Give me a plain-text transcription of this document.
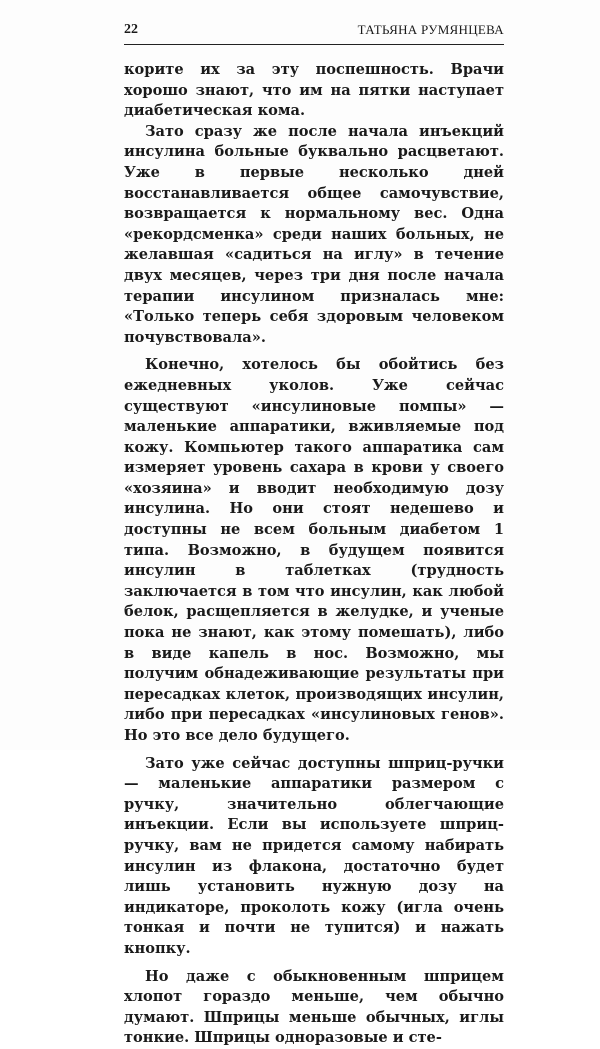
22	ТАТЬЯНА РУМЯНЦЕВА

корите их за эту поспешность. Врачи хорошо знают, что им на пятки наступает диабетическая кома.

Зато сразу же после начала инъекций инсулина больные буквально расцветают. Уже в первые несколько дней восстанавливается общее самочувствие, возвращается к нормальному вес. Одна «рекордсменка» среди наших больных, не желавшая «садиться на иглу» в течение двух месяцев, через три дня после начала терапии инсулином призналась мне: «Только теперь себя здоровым человеком почувствовала».

Конечно, хотелось бы обойтись без ежедневных уколов. Уже сейчас существуют «инсулиновые помпы» — маленькие аппаратики, вживляемые под кожу. Компьютер такого аппаратика сам измеряет уровень сахара в крови у своего «хозяина» и вводит необходимую дозу инсулина. Но они стоят недешево и доступны не всем больным диабетом 1 типа. Возможно, в будущем появится инсулин в таблетках (трудность заключается в том что инсулин, как любой белок, расщепляется в желудке, и ученые пока не знают, как этому помешать), либо в виде капель в нос. Возможно, мы получим обнадеживающие результаты при пересадках клеток, производящих инсулин, либо при пересадках «инсулиновых генов». Но это все дело будущего.

Зато уже сейчас доступны шприц-ручки — маленькие аппаратики размером с ручку, значительно облегчающие инъекции. Если вы используете шприц-ручку, вам не придется самому набирать инсулин из флакона, достаточно будет лишь установить нужную дозу на индикаторе, проколоть кожу (игла очень тонкая и почти не тупится) и нажать кнопку.

Но даже с обыкновенным шприцем хлопот гораздо меньше, чем обычно думают. Шприцы меньше обычных, иглы тонкие. Шприцы одноразовые и сте-
